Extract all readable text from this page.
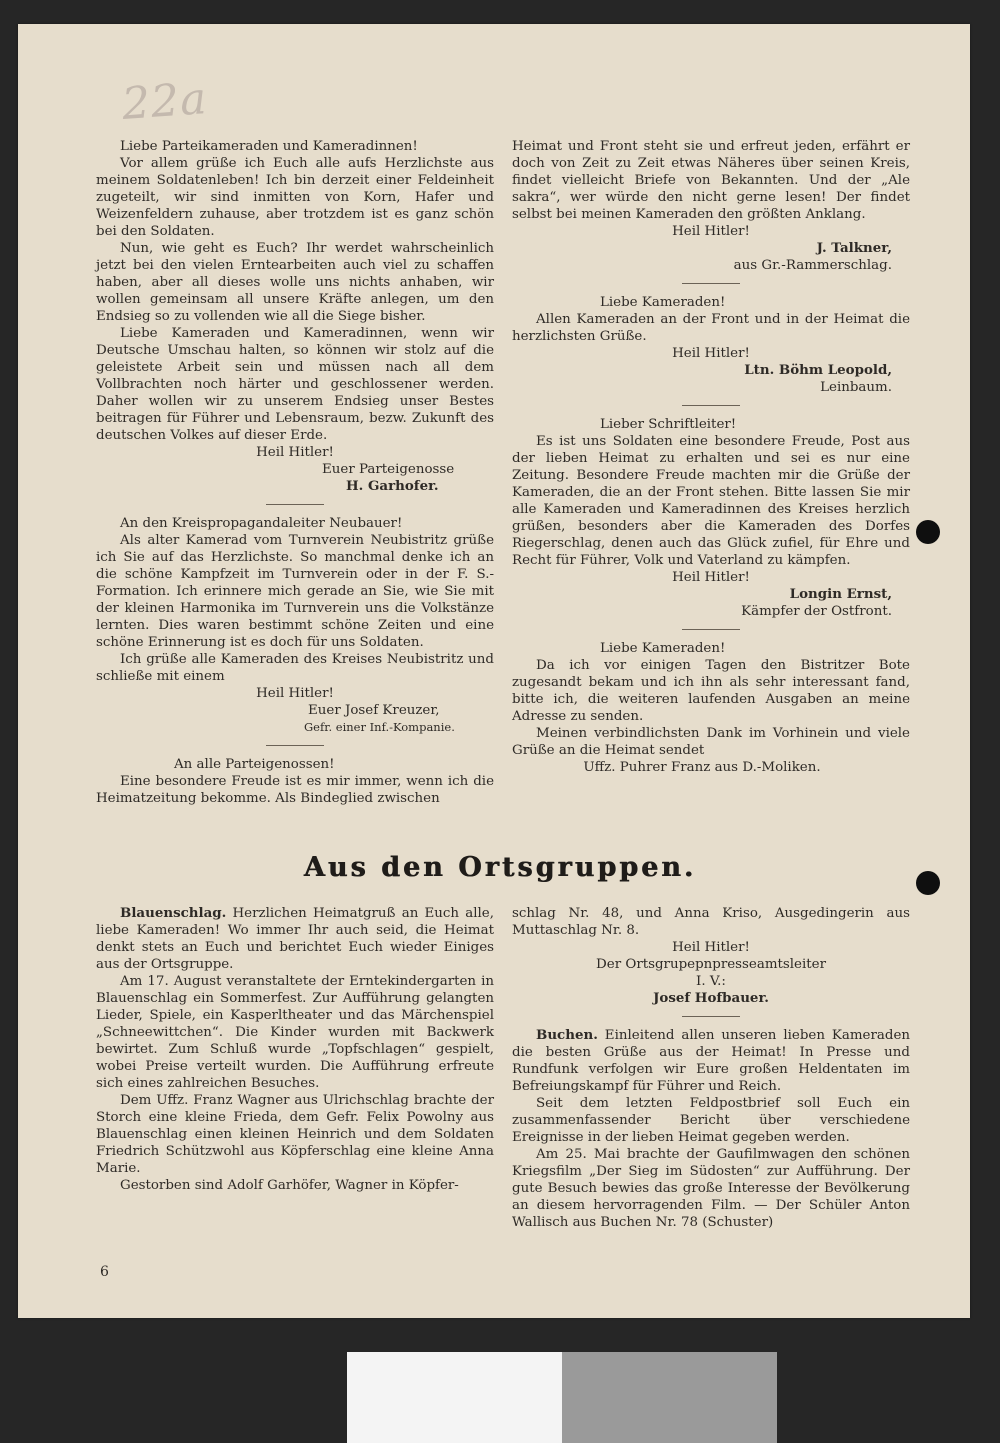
22a

Liebe Parteikameraden und Kameradinnen!

Vor allem grüße ich Euch alle aufs Herzlichste aus meinem Soldatenleben! Ich bin derzeit einer Feldeinheit zugeteilt, wir sind inmitten von Korn, Hafer und Weizenfeldern zuhause, aber trotzdem ist es ganz schön bei den Soldaten.

Nun, wie geht es Euch? Ihr werdet wahrscheinlich jetzt bei den vielen Erntearbeiten auch viel zu schaffen haben, aber all dieses wolle uns nichts anhaben, wir wollen gemeinsam all unsere Kräfte anlegen, um den Endsieg so zu vollenden wie all die Siege bisher.

Liebe Kameraden und Kameradinnen, wenn wir Deutsche Umschau halten, so können wir stolz auf die geleistete Arbeit sein und müssen nach all dem Vollbrachten noch härter und geschlossener werden. Daher wollen wir zu unserem Endsieg unser Bestes beitragen für Führer und Lebensraum, bezw. Zukunft des deutschen Volkes auf dieser Erde.

Heil Hitler!

Euer Parteigenosse

H. Garhofer.

An den Kreispropagandaleiter Neubauer!

Als alter Kamerad vom Turnverein Neubistritz grüße ich Sie auf das Herzlichste. So manchmal denke ich an die schöne Kampfzeit im Turnverein oder in der F. S.-Formation. Ich erinnere mich gerade an Sie, wie Sie mit der kleinen Harmonika im Turnverein uns die Volkstänze lernten. Dies waren bestimmt schöne Zeiten und eine schöne Erinnerung ist es doch für uns Soldaten.

Ich grüße alle Kameraden des Kreises Neubistritz und schließe mit einem

Heil Hitler!

Euer Josef Kreuzer,

Gefr. einer Inf.-Kompanie.

An alle Parteigenossen!

Eine besondere Freude ist es mir immer, wenn ich die Heimatzeitung bekomme. Als Bindeglied zwischen

Heimat und Front steht sie und erfreut jeden, erfährt er doch von Zeit zu Zeit etwas Näheres über seinen Kreis, findet vielleicht Briefe von Bekannten. Und der „Ale sakra“, wer würde den nicht gerne lesen! Der findet selbst bei meinen Kameraden den größten Anklang.

Heil Hitler!

J. Talkner,

aus Gr.-Rammerschlag.

Liebe Kameraden!

Allen Kameraden an der Front und in der Heimat die herzlichsten Grüße.

Heil Hitler!

Ltn. Böhm Leopold,

Leinbaum.

Lieber Schriftleiter!

Es ist uns Soldaten eine besondere Freude, Post aus der lieben Heimat zu erhalten und sei es nur eine Zeitung. Besondere Freude machten mir die Grüße der Kameraden, die an der Front stehen. Bitte lassen Sie mir alle Kameraden und Kameradinnen des Kreises herzlich grüßen, besonders aber die Kameraden des Dorfes Riegerschlag, denen auch das Glück zufiel, für Ehre und Recht für Führer, Volk und Vaterland zu kämpfen.

Heil Hitler!

Longin Ernst,

Kämpfer der Ostfront.

Liebe Kameraden!

Da ich vor einigen Tagen den Bistritzer Bote zugesandt bekam und ich ihn als sehr interessant fand, bitte ich, die weiteren laufenden Ausgaben an meine Adresse zu senden.

Meinen verbindlichsten Dank im Vorhinein und viele Grüße an die Heimat sendet

Uffz. Puhrer Franz aus D.-Moliken.

Aus den Ortsgruppen.

Blauenschlag. Herzlichen Heimatgruß an Euch alle, liebe Kameraden! Wo immer Ihr auch seid, die Heimat denkt stets an Euch und berichtet Euch wieder Einiges aus der Ortsgruppe.

Am 17. August veranstaltete der Erntekindergarten in Blauenschlag ein Sommerfest. Zur Aufführung gelangten Lieder, Spiele, ein Kasperltheater und das Märchenspiel „Schneewittchen“. Die Kinder wurden mit Backwerk bewirtet. Zum Schluß wurde „Topfschlagen“ gespielt, wobei Preise verteilt wurden. Die Aufführung erfreute sich eines zahlreichen Besuches.

Dem Uffz. Franz Wagner aus Ulrichschlag brachte der Storch eine kleine Frieda, dem Gefr. Felix Powolny aus Blauenschlag einen kleinen Heinrich und dem Soldaten Friedrich Schützwohl aus Köpferschlag eine kleine Anna Marie.

Gestorben sind Adolf Garhöfer, Wagner in Köpfer-

schlag Nr. 48, und Anna Kriso, Ausgedingerin aus Muttaschlag Nr. 8.

Heil Hitler!

Der Ortsgrupepnpresseamtsleiter

I. V.:

Josef Hofbauer.

Buchen. Einleitend allen unseren lieben Kameraden die besten Grüße aus der Heimat! In Presse und Rundfunk verfolgen wir Eure großen Heldentaten im Befreiungskampf für Führer und Reich.

Seit dem letzten Feldpostbrief soll Euch ein zusammenfassender Bericht über verschiedene Ereignisse in der lieben Heimat gegeben werden.

Am 25. Mai brachte der Gaufilmwagen den schönen Kriegsfilm „Der Sieg im Südosten“ zur Aufführung. Der gute Besuch bewies das große Interesse der Bevölkerung an diesem hervorragenden Film. — Der Schüler Anton Wallisch aus Buchen Nr. 78 (Schuster)

6
